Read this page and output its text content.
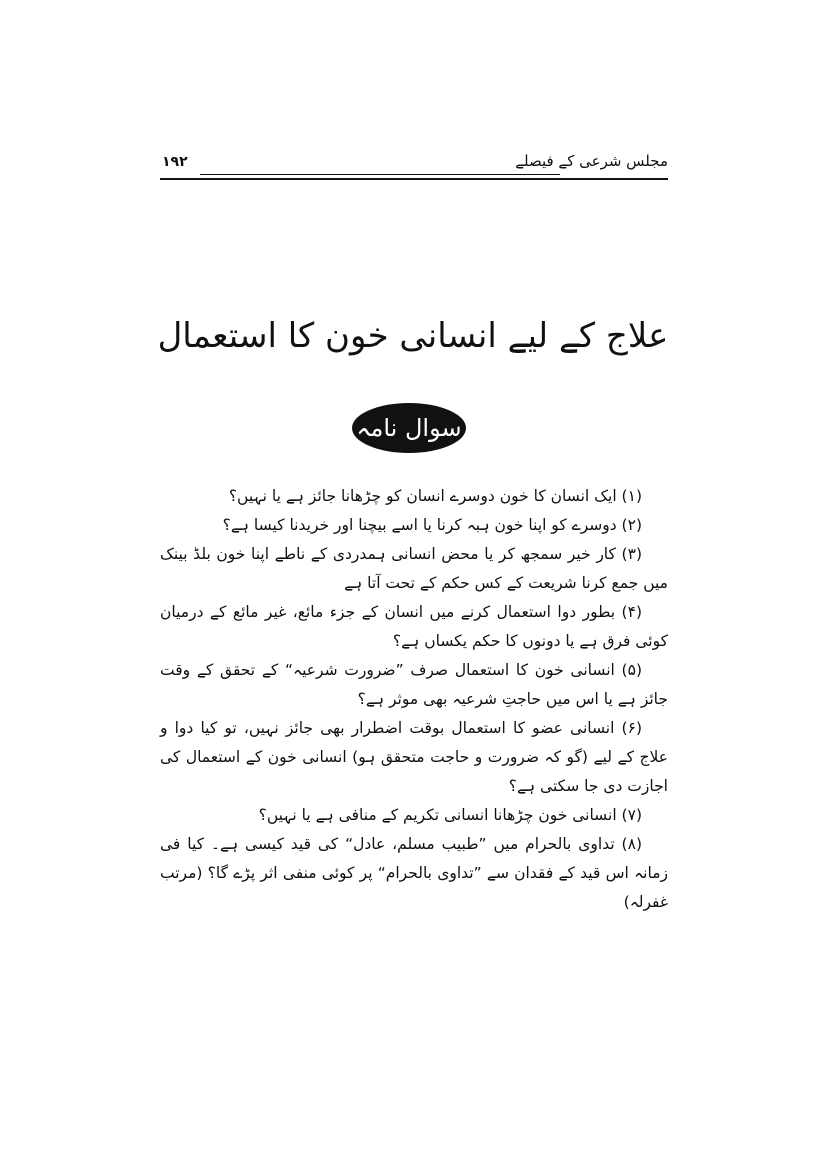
مجلس شرعی کے فیصلے
۱۹۲
علاج کے لیے انسانی خون کا استعمال
سوال نامہ

(۱) ایک انسان کا خون دوسرے انسان کو چڑھانا جائز ہے یا نہیں؟

(۲) دوسرے کو اپنا خون ہبہ کرنا یا اسے بیچنا اور خریدنا کیسا ہے؟

(۳) کار خیر سمجھ کر یا محض انسانی ہمدردی کے ناطے اپنا خون بلڈ بینک میں جمع کرنا شریعت کے کس حکم کے تحت آتا ہے

(۴) بطور دوا استعمال کرنے میں انسان کے جزء مائع، غیر مائع کے درمیان کوئی فرق ہے یا دونوں کا حکم یکساں ہے؟

(۵) انسانی خون کا استعمال صرف ”ضرورت شرعیہ“ کے تحقق کے وقت جائز ہے یا اس میں حاجتِ شرعیہ بھی موثر ہے؟

(۶) انسانی عضو کا استعمال بوقت اضطرار بھی جائز نہیں، تو کیا دوا و علاج کے لیے (گو کہ ضرورت و حاجت متحقق ہو) انسانی خون کے استعمال کی اجازت دی جا سکتی ہے؟

(۷) انسانی خون چڑھانا انسانی تکریم کے منافی ہے یا نہیں؟

(۸) تداوی بالحرام میں ”طبیب مسلم، عادل“ کی قید کیسی ہے۔ کیا فی زمانہ اس قید کے فقدان سے ”تداوی بالحرام“ پر کوئی منفی اثر پڑے گا؟ (مرتب غفرلہ)
